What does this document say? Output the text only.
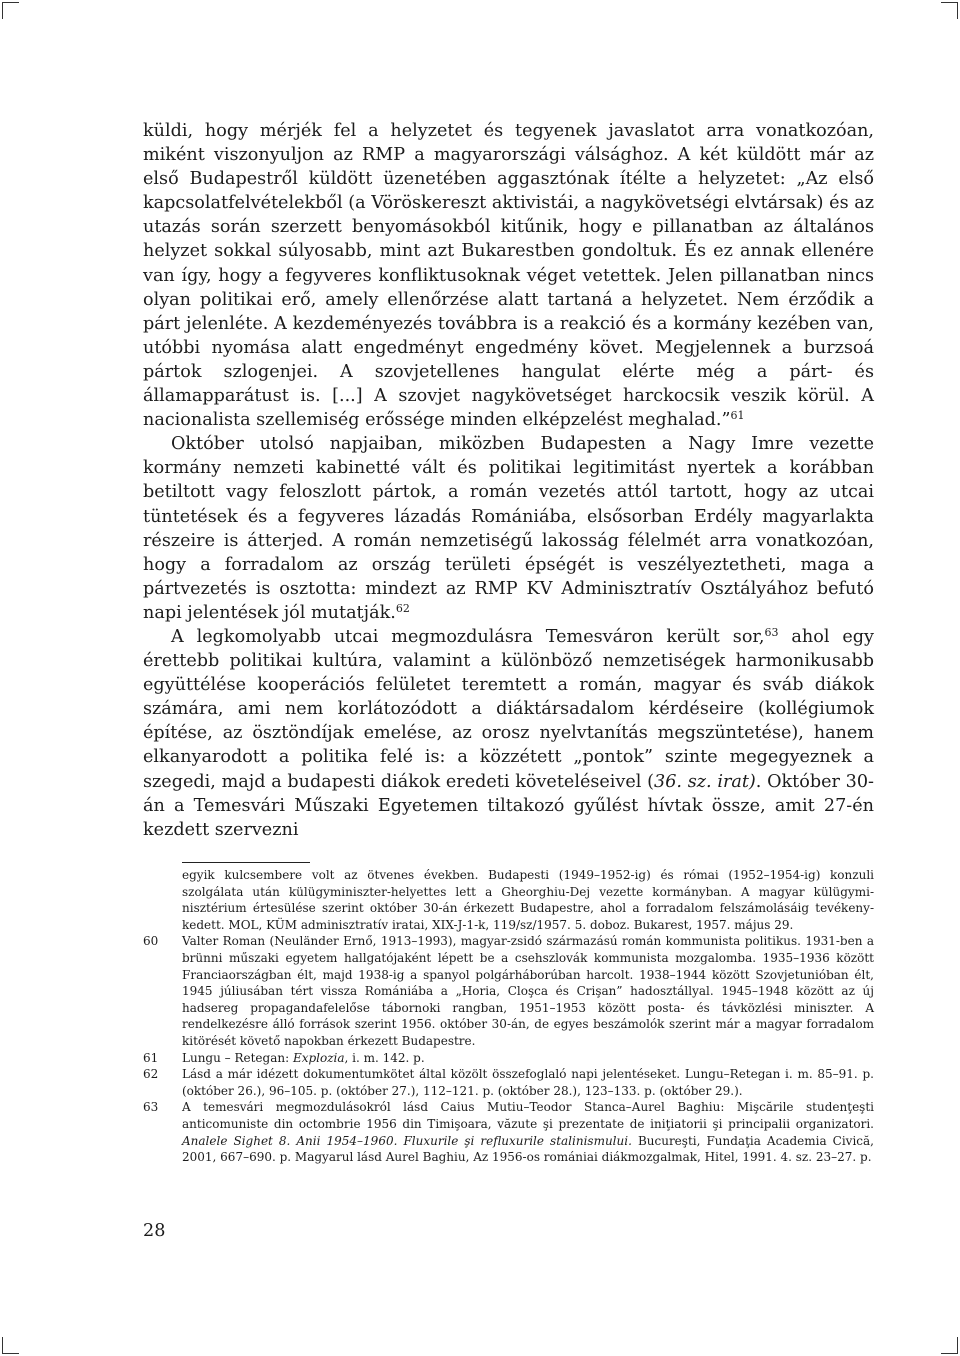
küldi, hogy mérjék fel a helyzetet és tegyenek javaslatot arra vonatkozóan, miként viszonyuljon az RMP a magyarországi válsághoz. A két küldött már az első Budapestről küldött üzenetében aggasztónak ítélte a helyzetet: „Az első kapcsolatfelvételekből (a Vöröskereszt aktivistái, a nagykövetségi elvtársak) és az utazás során szerzett benyomásokból kitűnik, hogy e pillanatban az általános helyzet sokkal súlyosabb, mint azt Bukarestben gondoltuk. És ez annak ellenére van így, hogy a fegyveres konfliktusoknak véget vetettek. Jelen pillanatban nincs olyan politikai erő, amely ellenőrzése alatt tartaná a helyzetet. Nem érződik a párt jelenléte. A kezdeményezés továbbra is a reakció és a kormány kezében van, utóbbi nyomása alatt engedményt engedmény követ. Megjelennek a burzsoá pártok szlogenjei. A szovjetellenes hangulat elérte még a párt- és államapparátust is. [...] A szovjet nagykövetséget harckocsik veszik körül. A nacionalista szellemiség erőssége minden elképzelést meghalad.”$^{61}$

Október utolsó napjaiban, miközben Budapesten a Nagy Imre vezette kormány nemzeti kabinetté vált és politikai legitimitást nyertek a korábban betiltott vagy feloszlott pártok, a román vezetés attól tartott, hogy az utcai tüntetések és a fegyveres lázadás Romániába, elsősorban Erdély magyarlakta részeire is átterjed. A román nemzetiségű lakosság félelmét arra vonatkozóan, hogy a forradalom az ország területi épségét is veszélyeztetheti, maga a pártvezetés is osztotta: mindezt az RMP KV Adminisztratív Osztályához befutó napi jelentések jól mutatják.$^{62}$

A legkomolyabb utcai megmozdulásra Temesváron került sor,$^{63}$ ahol egy érettebb politikai kultúra, valamint a különböző nemzetiségek harmonikusabb együttélése kooperációs felületet teremtett a román, magyar és sváb diákok számára, ami nem korlátozódott a diáktársadalom kérdéseire (kollégiumok építése, az ösztöndíjak emelése, az orosz nyelvtanítás megszüntetése), hanem elkanyarodott a politika felé is: a közzétett „pontok” szinte megegyeznek a szegedi, majd a budapesti diákok eredeti követeléseivel (36. sz. irat). Október 30-án a Temesvári Műszaki Egyetemen tiltakozó gyűlést hívtak össze, amit 27-én kezdett szervezni

egyik kulcsembere volt az ötvenes években. Budapesti (1949–1952-ig) és római (1952–1954-ig) konzuli szolgálata után külügyminiszter-helyettes lett a Gheorghiu-Dej vezette kormányban. A magyar külügyminisztérium értesülése szerint október 30-án érkezett Budapestre, ahol a forradalom felszámolásáig tevékenykedett. MOL, KÜM adminisztratív iratai, XIX-J-1-k, 119/sz/1957. 5. doboz. Bukarest, 1957. május 29.

60	Valter Roman (Neuländer Ernő, 1913–1993), magyar-zsidó származású román kommunista politikus. 1931-ben a brünni műszaki egyetem hallgatójaként lépett be a csehszlovák kommunista mozgalomba. 1935–1936 között Franciaországban élt, majd 1938-ig a spanyol polgárháborúban harcolt. 1938–1944 között Szovjetunióban élt, 1945 júliusában tért vissza Romániába a „Horia, Cloşca és Crişan” hadosztállyal. 1945–1948 között az új hadsereg propagandafelelőse tábornoki rangban, 1951–1953 között posta- és távközlési miniszter. A rendelkezésre álló források szerint 1956. október 30-án, de egyes beszámolók szerint már a magyar forradalom kitörését követő napokban érkezett Budapestre.

61	Lungu – Retegan: Explozia, i. m. 142. p.

62	Lásd a már idézett dokumentumkötet által közölt összefoglaló napi jelentéseket. Lungu–Retegan i. m. 85–91. p. (október 26.), 96–105. p. (október 27.), 112–121. p. (október 28.), 123–133. p. (október 29.).

63	A temesvári megmozdulásokról lásd Caius Mutiu–Teodor Stanca–Aurel Baghiu: Mişcările studenţeşti anticomuniste din octombrie 1956 din Timişoara, văzute şi prezentate de iniţiatorii şi principalii organizatori. Analele Sighet 8. Anii 1954–1960. Fluxurile şi refluxurile stalinismului. Bucureşti, Fundaţia Academia Civică, 2001, 667–690. p. Magyarul lásd Aurel Baghiu, Az 1956-os romániai diákmozgalmak, Hitel, 1991. 4. sz. 23–27. p.

28
